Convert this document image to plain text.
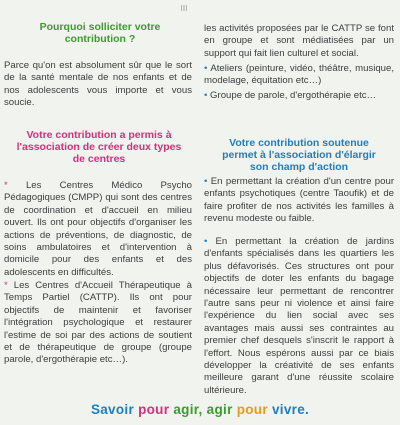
III
Pourquoi solliciter votre
contribution ?

Parce qu'on est absolument sûr que le sort de la santé mentale de nos enfants et de nos adolescents vous importe et vous soucie.

Votre contribution a permis à
l'association de créer deux types
de centres

* Les Centres Médico Psycho Pédagogiques (CMPP) qui sont des centres de coordination et d'accueil en milieu ouvert. Ils ont pour objectifs d'organiser les actions de préventions, de diagnostic, de soins ambulatoires et d'intervention à domicile pour des enfants et des adolescents en difficultés.

* Les Centres d'Accueil Thérapeutique à Temps Partiel (CATTP). Ils ont pour objectifs de maintenir et favoriser l'intégration psychologique et restaurer l'estime de soi par des actions de soutient et de thérapeutique de groupe (groupe parole, d'ergothérapie etc…).

les activités proposées par le CATTP se font en groupe et sont médiatisées par un support qui fait lien culturel et social.

• Ateliers (peinture, vidéo, théâtre, musique, modelage, équitation etc…)

• Groupe de parole, d'ergothérapie etc…

Votre contribution soutenue
permet à l'association d'élargir
son champ d'action

• En permettant la création d'un centre pour enfants psychotiques (centre Taoufik) et de faire profiter de nos activités les familles à revenu modeste ou faible.

• En permettant la création de jardins d'enfants spécialisés dans les quartiers les plus défavorisés. Ces structures ont pour objectifs de doter les enfants du bagage nécessaire leur permettant de rencontrer l'autre sans peur ni violence et ainsi faire l'expérience du lien social avec ses avantages mais aussi ses contraintes au premier chef desquels s'inscrit le rapport à l'effort. Nous espérons aussi par ce biais développer la créativité de ses enfants meilleure garant d'une réussite scolaire ultérieure.

Savoir pour agir, agir pour vivre.
